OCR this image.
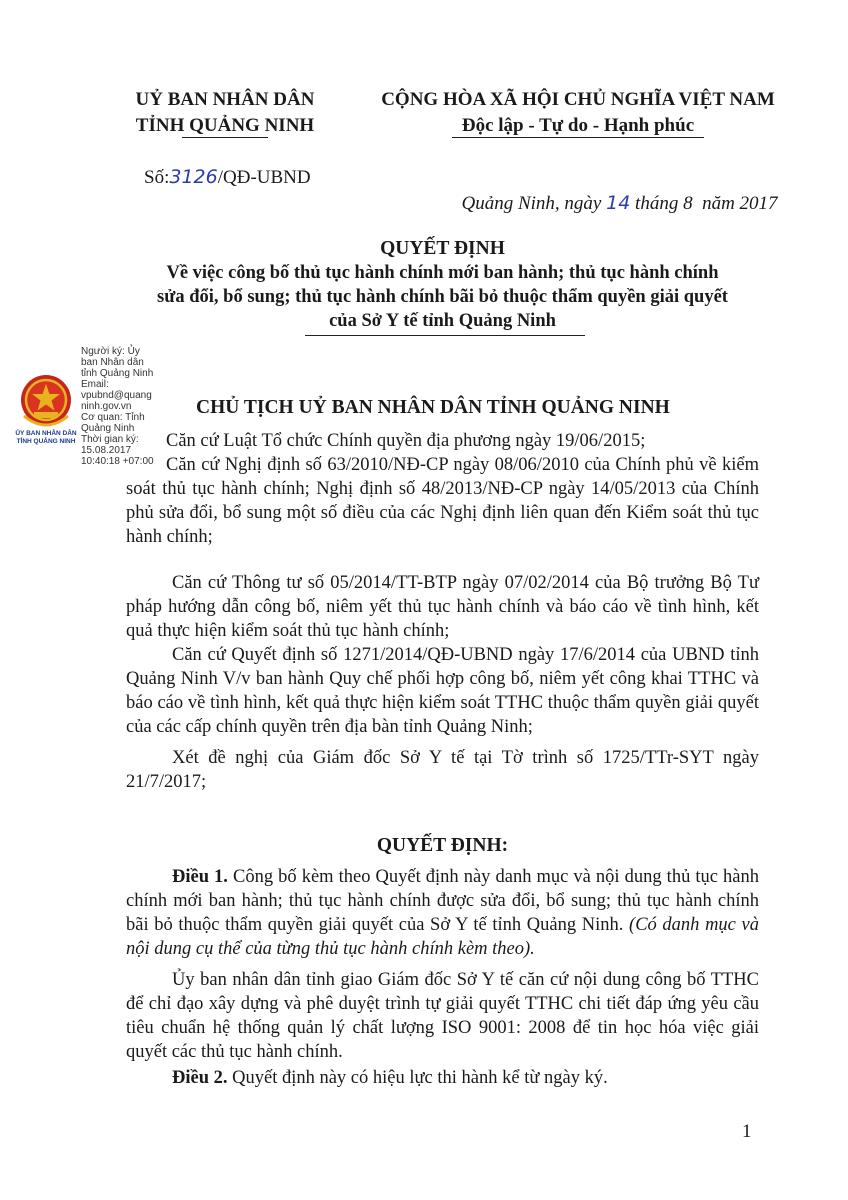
UỶ BAN NHÂN DÂN
TỈNH QUẢNG NINH
CỘNG HÒA XÃ HỘI CHỦ NGHĨA VIỆT NAM
Độc lập - Tự do - Hạnh phúc
Số:3126/QĐ-UBND

Quảng Ninh, ngày 14 tháng 8  năm 2017

QUYẾT ĐỊNH
Về việc công bố thủ tục hành chính mới ban hành; thủ tục hành chính
sửa đổi, bổ sung; thủ tục hành chính bãi bỏ thuộc thẩm quyền giải quyết
của Sở Y tế tỉnh Quảng Ninh
ỦY BAN NHÂN DÂN
TỈNH QUẢNG NINH
Người ký: Ủy
ban Nhân dân
tỉnh Quảng Ninh
Email:
vpubnd@quang
ninh.gov.vn
Cơ quan: Tỉnh
Quảng Ninh
Thời gian ký:
15.08.2017
10:40:18 +07:00
CHỦ TỊCH UỶ BAN NHÂN DÂN TỈNH QUẢNG NINH
Căn cứ Luật Tổ chức Chính quyền địa phương ngày 19/06/2015;
Căn cứ Nghị định số 63/2010/NĐ-CP ngày 08/06/2010 của Chính phủ về kiểm soát thủ tục hành chính; Nghị định số 48/2013/NĐ-CP ngày 14/05/2013 của Chính phủ sửa đổi, bổ sung một số điều của các Nghị định liên quan đến Kiểm soát thủ tục hành chính;
Căn cứ Thông tư số 05/2014/TT-BTP ngày 07/02/2014 của Bộ trưởng Bộ Tư pháp hướng dẫn công bố, niêm yết thủ tục hành chính và báo cáo về tình hình, kết quả thực hiện kiểm soát thủ tục hành chính;
Căn cứ Quyết định số 1271/2014/QĐ-UBND ngày 17/6/2014 của UBND tỉnh Quảng Ninh V/v ban hành Quy chế phối hợp công bố, niêm yết công khai TTHC và báo cáo về tình hình, kết quả thực hiện kiểm soát TTHC thuộc thẩm quyền giải quyết của các cấp chính quyền trên địa bàn tỉnh Quảng Ninh;
Xét đề nghị của Giám đốc Sở Y tế tại Tờ trình số 1725/TTr-SYT ngày 21/7/2017;
QUYẾT ĐỊNH:
Điều 1. Công bố kèm theo Quyết định này danh mục và nội dung thủ tục hành chính mới ban hành; thủ tục hành chính được sửa đổi, bổ sung; thủ tục hành chính bãi bỏ thuộc thẩm quyền giải quyết của Sở Y tế tỉnh Quảng Ninh. (Có danh mục và nội dung cụ thể của từng thủ tục hành chính kèm theo).
Ủy ban nhân dân tỉnh giao Giám đốc Sở Y tế căn cứ nội dung công bố TTHC để chỉ đạo xây dựng và phê duyệt trình tự giải quyết TTHC chi tiết đáp ứng yêu cầu tiêu chuẩn hệ thống quản lý chất lượng ISO 9001: 2008 để tin học hóa việc giải quyết các thủ tục hành chính.
Điều 2. Quyết định này có hiệu lực thi hành kể từ ngày ký.
1
